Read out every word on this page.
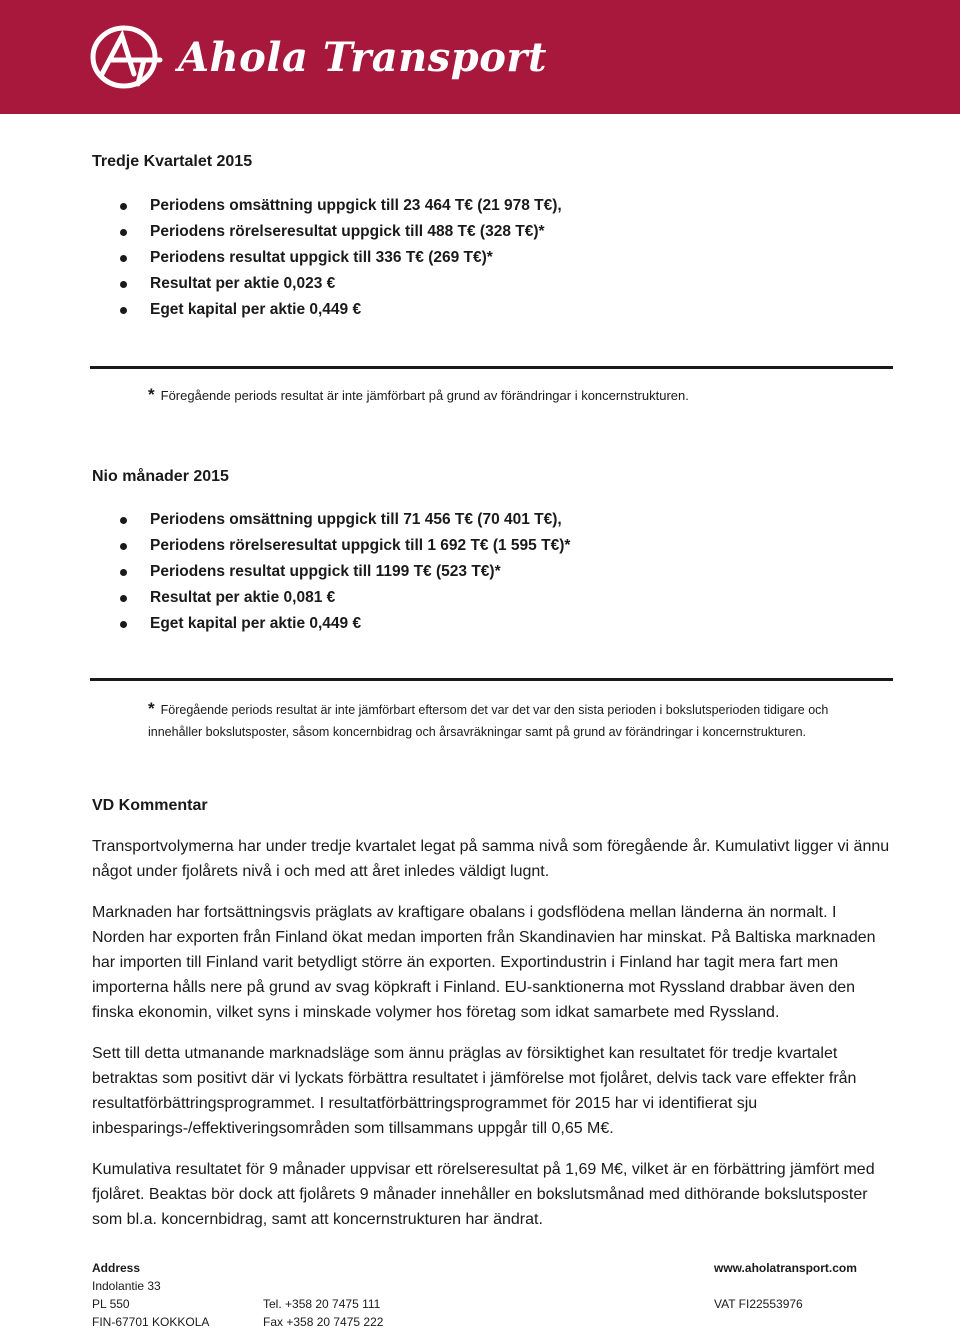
Ahola Transport
Tredje Kvartalet 2015
Periodens omsättning uppgick till 23 464 T€ (21 978 T€),
Periodens rörelseresultat uppgick till 488 T€ (328 T€)*
Periodens resultat uppgick till 336 T€ (269 T€)*
Resultat per aktie 0,023 €
Eget kapital per aktie 0,449 €
* Föregående periods resultat är inte jämförbart på grund av förändringar i koncernstrukturen.
Nio månader 2015
Periodens omsättning uppgick till 71 456 T€ (70 401 T€),
Periodens rörelseresultat uppgick till 1 692 T€ (1 595 T€)*
Periodens resultat uppgick till 1199 T€ (523 T€)*
Resultat per aktie 0,081 €
Eget kapital per aktie 0,449 €
* Föregående periods resultat är inte jämförbart eftersom det var det var den sista perioden i bokslutsperioden tidigare och
innehåller bokslutsposter, såsom koncernbidrag och årsavräkningar samt på grund av förändringar i koncernstrukturen.
VD Kommentar

Transportvolymerna har under tredje kvartalet legat på samma nivå som föregående år. Kumulativt ligger vi ännu något under fjolårets nivå i och med att året inledes väldigt lugnt.

Marknaden har fortsättningsvis präglats av kraftigare obalans i godsflödena mellan länderna än normalt. I Norden har exporten från Finland ökat medan importen från Skandinavien har minskat. På Baltiska marknaden har importen till Finland varit betydligt större än exporten. Exportindustrin i Finland har tagit mera fart men importerna hålls nere på grund av svag köpkraft i Finland. EU-sanktionerna mot Ryssland drabbar även den finska ekonomin, vilket syns i minskade volymer hos företag som idkat samarbete med Ryssland.

Sett till detta utmanande marknadsläge som ännu präglas av försiktighet kan resultatet för tredje kvartalet betraktas som positivt där vi lyckats förbättra resultatet i jämförelse mot fjolåret, delvis tack vare effekter från resultatförbättringsprogrammet. I resultatförbättringsprogrammet för 2015 har vi identifierat sju inbesparings-/effektiveringsområden som tillsammans uppgår till 0,65 M€.

Kumulativa resultatet för 9 månader uppvisar ett rörelseresultat på 1,69 M€, vilket är en förbättring jämfört med fjolåret. Beaktas bör dock att fjolårets 9 månader innehåller en bokslutsmånad med dithörande bokslutsposter som bl.a. koncernbidrag, samt att koncernstrukturen har ändrat.

Address
Indolantie 33
PL 550
FIN-67701 KOKKOLA
Tel. +358 20 7475 111
Fax +358 20 7475 222
www.aholatransport.com
VAT FI22553976
